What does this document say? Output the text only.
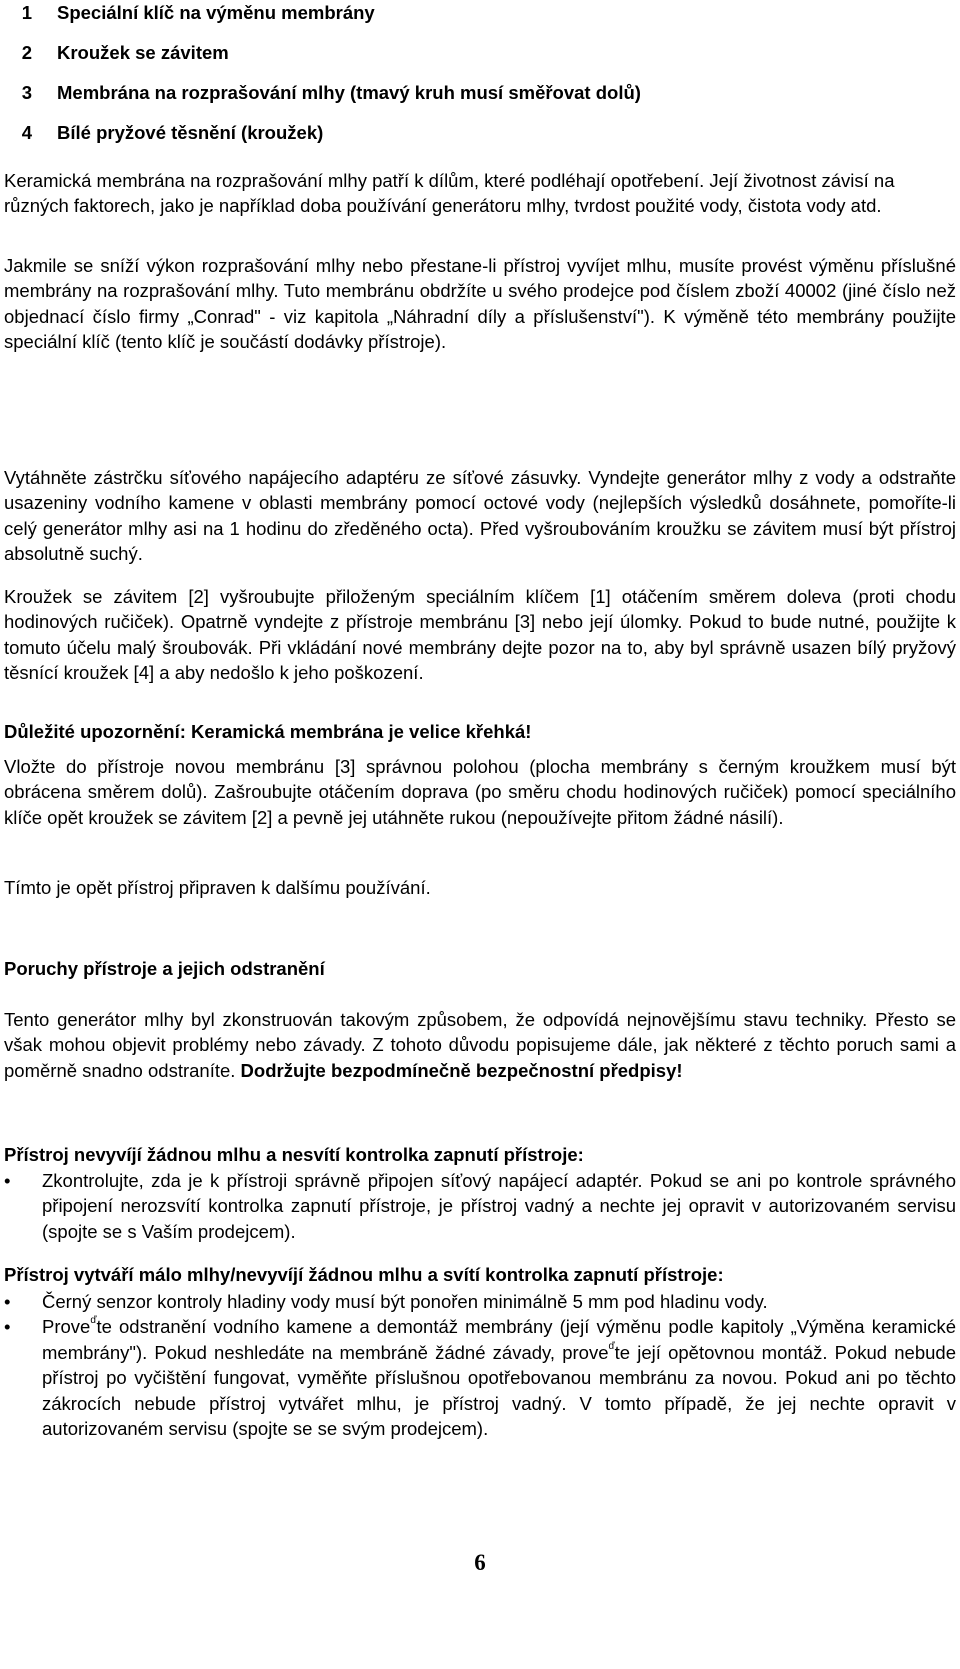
1 Speciální klíč na výměnu membrány
2 Kroužek se závitem
3 Membrána na rozprašování mlhy (tmavý kruh musí směřovat dolů)
4 Bílé pryžové těsnění (kroužek)

Keramická membrána na rozprašování mlhy patří k dílům, které podléhají opotřebení. Její životnost závisí na různých faktorech, jako je například doba používání generátoru mlhy, tvrdost použité vody, čistota vody atd.

Jakmile se sníží výkon rozprašování mlhy nebo přestane-li přístroj vyvíjet mlhu, musíte provést výměnu příslušné membrány na rozprašování mlhy. Tuto membránu obdržíte u svého prodejce pod číslem zboží 40002 (jiné číslo než objednací číslo firmy „Conrad" - viz kapitola „Náhradní díly a příslušenství"). K výměně této membrány použijte speciální klíč (tento klíč je součástí dodávky přístroje).

Vytáhněte zástrčku síťového napájecího adaptéru ze síťové zásuvky. Vyndejte generátor mlhy z vody a odstraňte usazeniny vodního kamene v oblasti membrány pomocí octové vody (nejlepších výsledků dosáhnete, pomoříte-li celý generátor mlhy asi na 1 hodinu do zředěného octa). Před vyšroubováním kroužku se závitem musí být přístroj absolutně suchý.

Kroužek se závitem [2] vyšroubujte přiloženým speciálním klíčem [1] otáčením směrem doleva (proti chodu hodinových ručiček). Opatrně vyndejte z přístroje membránu [3] nebo její úlomky. Pokud to bude nutné, použijte k tomuto účelu malý šroubovák. Při vkládání nové membrány dejte pozor na to, aby byl správně usazen bílý pryžový těsnící kroužek [4] a aby nedošlo k jeho poškození.

Důležité upozornění: Keramická membrána je velice křehká!

Vložte do přístroje novou membránu [3] správnou polohou (plocha membrány s černým kroužkem musí být obrácena směrem dolů). Zašroubujte otáčením doprava (po směru chodu hodinových ručiček) pomocí speciálního klíče opět kroužek se závitem [2] a pevně jej utáhněte rukou (nepoužívejte přitom žádné násilí).

Tímto je opět přístroj připraven k dalšímu používání.

Poruchy přístroje a jejich odstranění

Tento generátor mlhy byl zkonstruován takovým způsobem, že odpovídá nejnovějšímu stavu techniky. Přesto se však mohou objevit problémy nebo závady. Z tohoto důvodu popisujeme dále, jak některé z těchto poruch sami a poměrně snadno odstraníte. Dodržujte bezpodmínečně bezpečnostní předpisy!

Přístroj nevyvíjí žádnou mlhu a nesvítí kontrolka zapnutí přístroje:

• Zkontrolujte, zda je k přístroji správně připojen síťový napájecí adaptér. Pokud se ani po kontrole správného připojení nerozsvítí kontrolka zapnutí přístroje, je přístroj vadný a nechte jej opravit v autorizovaném servisu (spojte se s Vaším prodejcem).

Přístroj vytváří málo mlhy/nevyvíjí žádnou mlhu a svítí kontrolka zapnutí přístroje:

• Černý senzor kontroly hladiny vody musí být ponořen minimálně 5 mm pod hladinu vody.
• Prove$^ď$te odstranění vodního kamene a demontáž membrány (její výměnu podle kapitoly „Výměna keramické membrány"). Pokud neshledáte na membráně žádné závady, prove$^ď$te její opětovnou montáž. Pokud nebude přístroj po vyčištění fungovat, vyměňte příslušnou opotřebovanou membránu za novou. Pokud ani po těchto zákrocích nebude přístroj vytvářet mlhu, je přístroj vadný. V tomto případě, že jej nechte opravit v autorizovaném servisu (spojte se se svým prodejcem).
6
